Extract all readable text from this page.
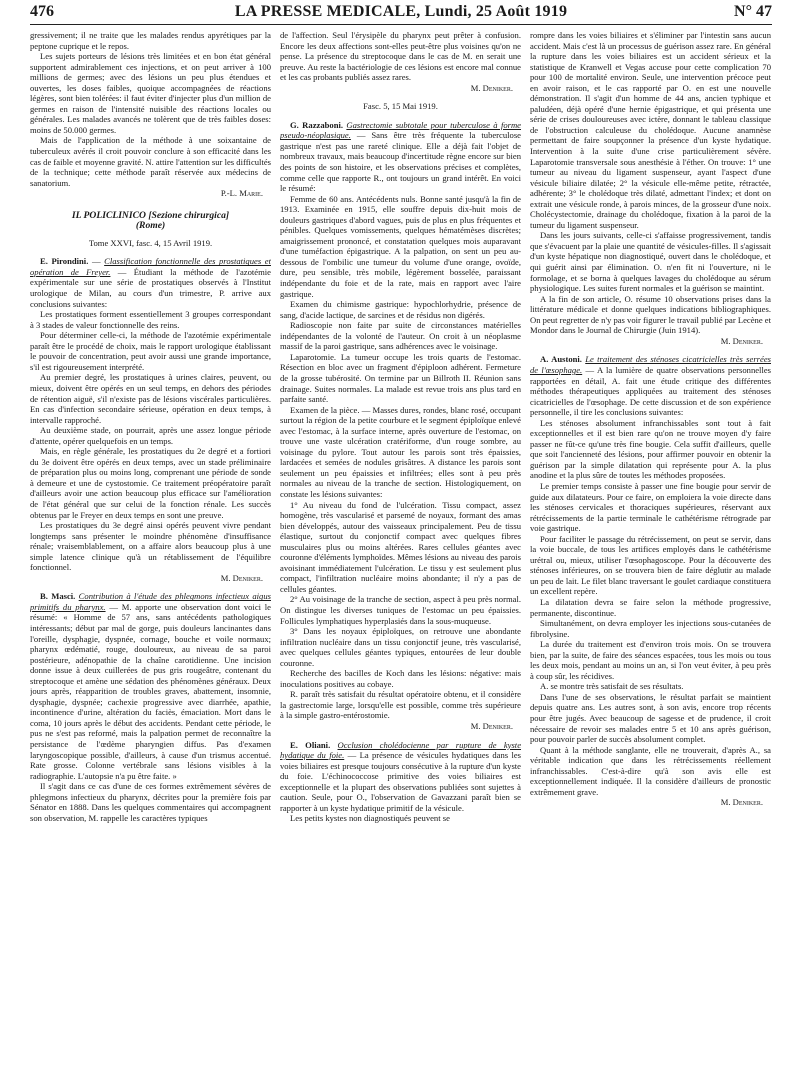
476	LA PRESSE MEDICALE, Lundi, 25 Août 1919	N° 47

gressivement; il ne traite que les malades rendus apyrétiques par la peptone cuprique et le repos.

Les sujets porteurs de lésions très limitées et en bon état général supportent admirablement ces injections, et on peut arriver à 100 millions de germes; avec des lésions un peu plus étendues et ouvertes, les doses faibles, quoique accompagnées de réactions légères, sont bien tolérées: il faut éviter d'injecter plus d'un million de germes en raison de l'intensité nuisible des réactions locales ou générales. Les malades avancés ne tolèrent que de très faibles doses: moins de 50.000 germes.

Mais de l'application de la méthode à une soixantaine de tuberculeux avérés il croit pouvoir conclure à son efficacité dans les cas de faible et moyenne gravité. N. attire l'attention sur les difficultés de la technique; cette méthode paraît réservée aux médecins de sanatorium.

P.-L. Marie.

IL POLICLINICO [Sezione chirurgica]

(Rome)

Tome XXVI, fasc. 4, 15 Avril 1919.

E. Pirondini. — Classification fonctionnelle des prostatiques et opération de Freyer. — Étudiant la méthode de l'azotémie expérimentale sur une série de prostatiques observés à l'Institut urologique de Milan, au cours d'un trimestre, P. arrive aux conclusions suivantes:

Les prostatiques forment essentiellement 3 groupes correspondant à 3 stades de valeur fonctionnelle des reins.

Pour déterminer celle-ci, la méthode de l'azotémie expérimentale paraît être le procédé de choix, mais le rapport urologique établissant le pouvoir de concentration, peut avoir aussi une grande importance, s'il est rigoureusement interprété.

Au premier degré, les prostatiques à urines claires, peuvent, ou mieux, doivent être opérés en un seul temps, en dehors des périodes de rétention aiguë, s'il n'existe pas de lésions viscérales particulières. En cas d'infection secondaire sérieuse, opération en deux temps, à intervalle rapproché.

Au deuxième stade, on pourrait, après une assez longue période d'attente, opérer quelquefois en un temps.

Mais, en règle générale, les prostatiques du 2e degré et a fortiori du 3e doivent être opérés en deux temps, avec un stade préliminaire de préparation plus ou moins long, comprenant une période de sonde à demeure et une de cystostomie. Ce traitement préopératoire paraît d'ailleurs avoir une action beaucoup plus efficace sur l'amélioration de l'état général que sur celui de la fonction rénale. Les succès obtenus par le Freyer en deux temps en sont une preuve.

Les prostatiques du 3e degré ainsi opérés peuvent vivre pendant longtemps sans présenter le moindre phénomène d'insuffisance rénale; vraisemblablement, on a affaire alors beaucoup plus à une simple latence clinique qu'à un rétablissement de l'équilibre fonctionnel.

M. Deniker.

B. Masci. Contribution à l'étude des phlegmons infectieux aigus primitifs du pharynx. — M. apporte une observation dont voici le résumé: « Homme de 57 ans, sans antécédents pathologiques intéressants; début par mal de gorge, puis douleurs lancinantes dans l'oreille, dysphagie, dyspnée, cornage, bouche et voile normaux; pharynx œdématié, rouge, douloureux, au niveau de sa paroi postérieure, adénopathie de la chaîne carotidienne. Une incision donne issue à deux cuillerées de pus gris rougeâtre, contenant du streptocoque et amène une sédation des phénomènes généraux. Deux jours après, réapparition de troubles graves, abattement, insomnie, dysphagie, dyspnée; cachexie progressive avec diarrhée, apathie, incontinence d'urine, altération du faciès, émaciation. Mort dans le coma, 10 jours après le début des accidents. Pendant cette période, le pus ne s'est pas reformé, mais la palpation permet de reconnaître la persistance de l'œdème pharyngien diffus. Pas d'examen laryngoscopique possible, d'ailleurs, à cause d'un trismus accentué. Rate grosse. Colonne vertébrale sans lésions visibles à la radiographie. L'autopsie n'a pu être faite. »

Il s'agit dans ce cas d'une de ces formes extrêmement sévères de phlegmons infectieux du pharynx, décrites pour la première fois par Sénator en 1888. Dans les quelques commentaires qui accompagnent son observation, M. rappelle les caractères typiques

de l'affection. Seul l'érysipèle du pharynx peut prêter à confusion. Encore les deux affections sont-elles peut-être plus voisines qu'on ne pense. La présence du streptocoque dans le cas de M. en serait une preuve. Au reste la bactériologie de ces lésions est encore mal connue et les cas probants publiés assez rares.

M. Deniker.

Fasc. 5, 15 Mai 1919.

G. Razzaboni. Gastrectomie subtotale pour tuberculose à forme pseudo-néoplasique. — Sans être très fréquente la tuberculose gastrique n'est pas une rareté clinique. Elle a déjà fait l'objet de nombreux travaux, mais beaucoup d'incertitude règne encore sur bien des points de son histoire, et les observations précises et complètes, comme celle que rapporte R., ont toujours un grand intérêt. En voici le résumé:

Femme de 60 ans. Antécédents nuls. Bonne santé jusqu'à la fin de 1913. Examinée en 1915, elle souffre depuis dix-huit mois de douleurs gastriques d'abord vagues, puis de plus en plus fréquentes et pénibles. Quelques vomissements, quelques hématémèses discrètes; amaigrissement prononcé, et constatation quelques mois auparavant d'une tuméfaction épigastrique. A la palpation, on sent un peu au-dessous de l'ombilic une tumeur du volume d'une orange, ovoïde, dure, peu sensible, très mobile, légèrement bosselée, paraissant indépendante du foie et de la rate, mais en rapport avec l'aire gastrique.

Examen du chimisme gastrique: hypochlorhydrie, présence de sang, d'acide lactique, de sarcines et de résidus non digérés.

Radioscopie non faite par suite de circonstances matérielles indépendantes de la volonté de l'auteur. On croit à un néoplasme massif de la paroi gastrique, sans adhérences avec le voisinage.

Laparotomie. La tumeur occupe les trois quarts de l'estomac. Résection en bloc avec un fragment d'épiploon adhérent. Fermeture de la grosse tubérosité. On termine par un Billroth II. Réunion sans drainage. Suites normales. La malade est revue trois ans plus tard en parfaite santé.

Examen de la pièce. — Masses dures, rondes, blanc rosé, occupant surtout la région de la petite courbure et le segment épiploïque enlevé avec l'estomac, à la surface interne, après ouverture de l'estomac, on trouve une vaste ulcération cratériforme, d'un rouge sombre, au voisinage du pylore. Tout autour les parois sont très épaissies, lardacées et semées de nodules grisâtres. A distance les parois sont seulement un peu épaissies et infiltrées; elles sont à peu près normales au niveau de la tranche de section. Histologiquement, on constate les lésions suivantes:

1° Au niveau du fond de l'ulcération. Tissu compact, assez homogène, très vascularisé et parsemé de noyaux, formant des amas bien développés, autour des vaisseaux principalement. Peu de tissu élastique, surtout du conjonctif compact avec quelques fibres musculaires plus ou moins altérées. Rares cellules géantes avec couronne d'éléments lymphoïdes. Mêmes lésions au niveau des parois avoisinant immédiatement l'ulcération. Le tissu y est seulement plus compact, l'infiltration nucléaire moins abondante; il n'y a pas de cellules géantes.

2° Au voisinage de la tranche de section, aspect à peu près normal. On distingue les diverses tuniques de l'estomac un peu épaissies. Follicules lymphatiques hyperplasiés dans la sous-muqueuse.

3° Dans les noyaux épiploïques, on retrouve une abondante infiltration nucléaire dans un tissu conjonctif jeune, très vascularisé, avec quelques cellules géantes typiques, entourées de leur double couronne.

Recherche des bacilles de Koch dans les lésions: négative: mais inoculations positives au cobaye.

R. paraît très satisfait du résultat opératoire obtenu, et il considère la gastrectomie large, lorsqu'elle est possible, comme très supérieure à la simple gastro-entérostomie.

M. Deniker.

E. Oliani. Occlusion cholédocienne par rupture de kyste hydatique du foie. — La présence de vésicules hydatiques dans les voies biliaires est presque toujours consécutive à la rupture d'un kyste du foie. L'échinococcose primitive des voies biliaires est exceptionnelle et la plupart des observations publiées sont sujettes à caution. Seule, pour O., l'observation de Gavazzani paraît bien se rapporter à un kyste hydatique primitif de la vésicule.

Les petits kystes non diagnostiqués peuvent se

rompre dans les voies biliaires et s'éliminer par l'intestin sans aucun accident. Mais c'est là un processus de guérison assez rare. En général la rupture dans les voies biliaires est un accident sérieux et la statistique de Kranwell et Vegas accuse pour cette complication 70 pour 100 de mortalité environ. Seule, une intervention précoce peut en avoir raison, et le cas rapporté par O. en est une nouvelle démonstration. Il s'agit d'un homme de 44 ans, ancien typhique et paludéen, déjà opéré d'une hernie épigastrique, et qui présenta une série de crises douloureuses avec ictère, donnant le tableau classique de l'obstruction calculeuse du cholédoque. Aucune anamnèse permettant de faire soupçonner la présence d'un kyste hydatique. Intervention à la suite d'une crise particulièrement sévère. Laparotomie transversale sous anesthésie à l'éther. On trouve: 1° une tumeur au niveau du ligament suspenseur, ayant l'aspect d'une vésicule biliaire dilatée; 2° la vésicule elle-même petite, rétractée, adhérente; 3° le cholédoque très dilaté, admettant l'index; et dont on extrait une vésicule ronde, à parois minces, de la grosseur d'une noix. Cholécystectomie, drainage du cholédoque, fixation à la paroi de la tumeur du ligament suspenseur.

Dans les jours suivants, celle-ci s'affaisse progressivement, tandis que s'évacuent par la plaie une quantité de vésicules-filles. Il s'agissait d'un kyste hépatique non diagnostiqué, ouvert dans le cholédoque, et qui guérit ainsi par élimination. O. n'en fit ni l'ouverture, ni le formolage, et se borna à quelques lavages du cholédoque au sérum physiologique. Les suites furent normales et la guérison se maintint.

A la fin de son article, O. résume 10 observations prises dans la littérature médicale et donne quelques indications bibliographiques. On peut regretter de n'y pas voir figurer le travail publié par Lecène et Mondor dans le Journal de Chirurgie (Juin 1914).

M. Deniker.

A. Austoni. Le traitement des sténoses cicatricielles très serrées de l'œsophage. — A la lumière de quatre observations personnelles rapportées en détail, A. fait une étude critique des différentes méthodes thérapeutiques appliquées au traitement des sténoses cicatricielles de l'œsophage. De cette discussion et de son expérience personnelle, il tire les conclusions suivantes:

Les sténoses absolument infranchissables sont tout à fait exceptionnelles et il est bien rare qu'on ne trouve moyen d'y faire passer ne fût-ce qu'une très fine bougie. Cela suffit d'ailleurs, quelle que soit l'ancienneté des lésions, pour affirmer pouvoir en obtenir la guérison par la simple dilatation qui représente pour A. la plus anodine et la plus sûre de toutes les méthodes proposées.

Le premier temps consiste à passer une fine bougie pour servir de guide aux dilatateurs. Pour ce faire, on emploiera la voie directe dans les sténoses cervicales et thoraciques supérieures, réservant aux rétrécissements de la partie terminale le cathétérisme rétrograde par voie gastrique.

Pour faciliter le passage du rétrécissement, on peut se servir, dans la voie buccale, de tous les artifices employés dans le cathétérisme urétral ou, mieux, utiliser l'œsophagoscope. Pour la découverte des sténoses inférieures, on se trouvera bien de faire déglutir au malade un peu de lait. Le filet blanc traversant le goulet cardiaque constituera un excellent repère.

La dilatation devra se faire selon la méthode progressive, permanente, discontinue.

Simultanément, on devra employer les injections sous-cutanées de fibrolysine.

La durée du traitement est d'environ trois mois. On se trouvera bien, par la suite, de faire des séances espacées, tous les mois ou tous les deux mois, pendant au moins un an, si l'on veut éviter, à peu près à coup sûr, les récidives.

A. se montre très satisfait de ses résultats.

Dans l'une de ses observations, le résultat parfait se maintient depuis quatre ans. Les autres sont, à son avis, encore trop récents pour être jugés. Avec beaucoup de sagesse et de prudence, il croit nécessaire de revoir ses malades entre 5 et 10 ans après guérison, pour pouvoir parler de succès absolument complet.

Quant à la méthode sanglante, elle ne trouverait, d'après A., sa véritable indication que dans les rétrécissements réellement infranchissables. C'est-à-dire qu'à son avis elle est exceptionnellement indiquée. Il la considère d'ailleurs de pronostic extrêmement grave.

M. Deniker.
